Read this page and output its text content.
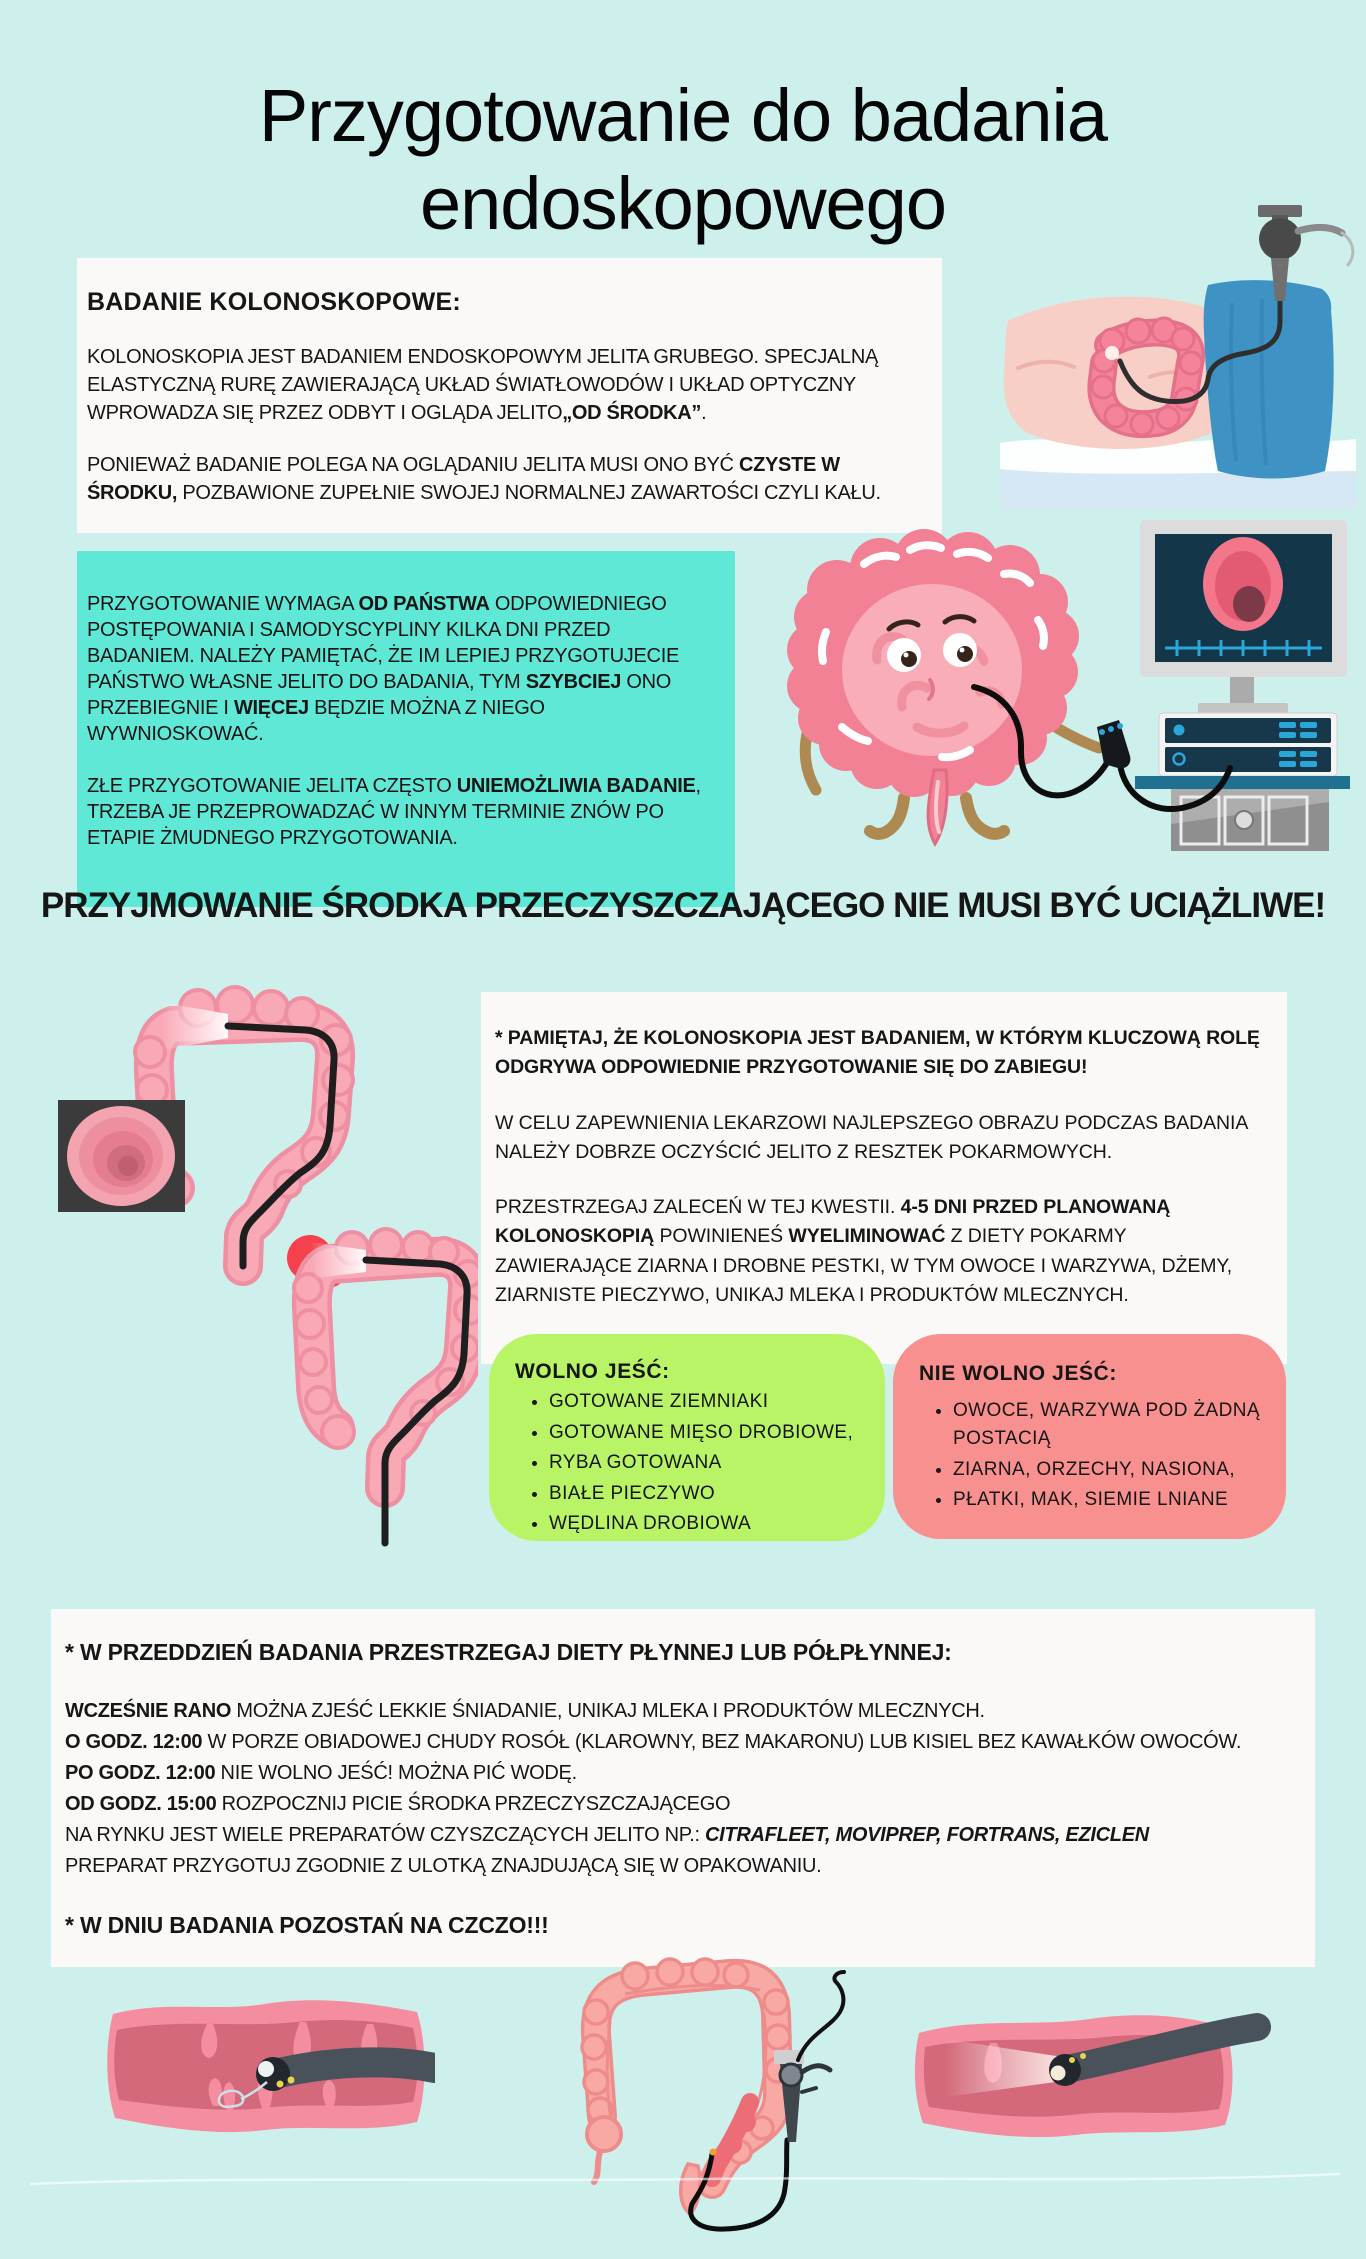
Przygotowanie do badania
endoskopowego
BADANIE KOLONOSKOPOWE:

KOLONOSKOPIA JEST BADANIEM ENDOSKOPOWYM JELITA GRUBEGO. SPECJALNĄ ELASTYCZNĄ RURĘ ZAWIERAJĄCĄ UKŁAD ŚWIATŁOWODÓW I UKŁAD OPTYCZNY WPROWADZA SIĘ PRZEZ ODBYT I OGLĄDA JELITO„OD ŚRODKA”.

PONIEWAŻ BADANIE POLEGA NA OGLĄDANIU JELITA MUSI ONO BYĆ CZYSTE W ŚRODKU, POZBAWIONE ZUPEŁNIE SWOJEJ NORMALNEJ ZAWARTOŚCI CZYLI KAŁU.

PRZYGOTOWANIE WYMAGA OD PAŃSTWA ODPOWIEDNIEGO POSTĘPOWANIA I SAMODYSCYPLINY KILKA DNI PRZED BADANIEM. NALEŻY PAMIĘTAĆ, ŻE IM LEPIEJ PRZYGOTUJECIE PAŃSTWO WŁASNE JELITO DO BADANIA, TYM SZYBCIEJ ONO PRZEBIEGNIE I WIĘCEJ BĘDZIE MOŻNA Z NIEGO WYWNIOSKOWAĆ.

ZŁE PRZYGOTOWANIE JELITA CZĘSTO UNIEMOŻLIWIA BADANIE, TRZEBA JE PRZEPROWADZAĆ W INNYM TERMINIE ZNÓW PO ETAPIE ŻMUDNEGO PRZYGOTOWANIA.

PRZYJMOWANIE ŚRODKA PRZECZYSZCZAJĄCEGO NIE MUSI BYĆ UCIĄŻLIWE!

* PAMIĘTAJ, ŻE KOLONOSKOPIA JEST BADANIEM, W KTÓRYM KLUCZOWĄ ROLĘ ODGRYWA ODPOWIEDNIE PRZYGOTOWANIE SIĘ DO ZABIEGU!

W CELU ZAPEWNIENIA LEKARZOWI NAJLEPSZEGO OBRAZU PODCZAS BADANIA NALEŻY DOBRZE OCZYŚCIĆ JELITO Z RESZTEK POKARMOWYCH.

PRZESTRZEGAJ ZALECEŃ W TEJ KWESTII. 4-5 DNI PRZED PLANOWANĄ KOLONOSKOPIĄ POWINIENEŚ WYELIMINOWAĆ Z DIETY POKARMY ZAWIERAJĄCE ZIARNA I DROBNE PESTKI, W TYM OWOCE I WARZYWA, DŻEMY, ZIARNISTE PIECZYWO, UNIKAJ MLEKA I PRODUKTÓW MLECZNYCH.

WOLNO JEŚĆ:
• GOTOWANE ZIEMNIAKI
• GOTOWANE MIĘSO DROBIOWE,
• RYBA GOTOWANA
• BIAŁE PIECZYWO
• WĘDLINA DROBIOWA
NIE WOLNO JEŚĆ:
• OWOCE, WARZYWA POD ŻADNĄ POSTACIĄ
• ZIARNA, ORZECHY, NASIONA,
• PŁATKI, MAK, SIEMIE LNIANE
* W PRZEDDZIEŃ BADANIA PRZESTRZEGAJ DIETY PŁYNNEJ LUB PÓŁPŁYNNEJ:
WCZEŚNIE RANO MOŻNA ZJEŚĆ LEKKIE ŚNIADANIE, UNIKAJ MLEKA I PRODUKTÓW MLECZNYCH.
O GODZ. 12:00 W PORZE OBIADOWEJ CHUDY ROSÓŁ (KLAROWNY, BEZ MAKARONU) LUB KISIEL BEZ KAWAŁKÓW OWOCÓW.
PO GODZ. 12:00 NIE WOLNO JEŚĆ! MOŻNA PIĆ WODĘ.
OD GODZ. 15:00 ROZPOCZNIJ PICIE ŚRODKA PRZECZYSZCZAJĄCEGO
NA RYNKU JEST WIELE PREPARATÓW CZYSZCZĄCYCH JELITO NP.: CITRAFLEET, MOVIPREP, FORTRANS, EZICLEN
PREPARAT PRZYGOTUJ ZGODNIE Z ULOTKĄ ZNAJDUJĄCĄ SIĘ W OPAKOWANIU.

* W DNIU BADANIA POZOSTAŃ NA CZCZO!!!
